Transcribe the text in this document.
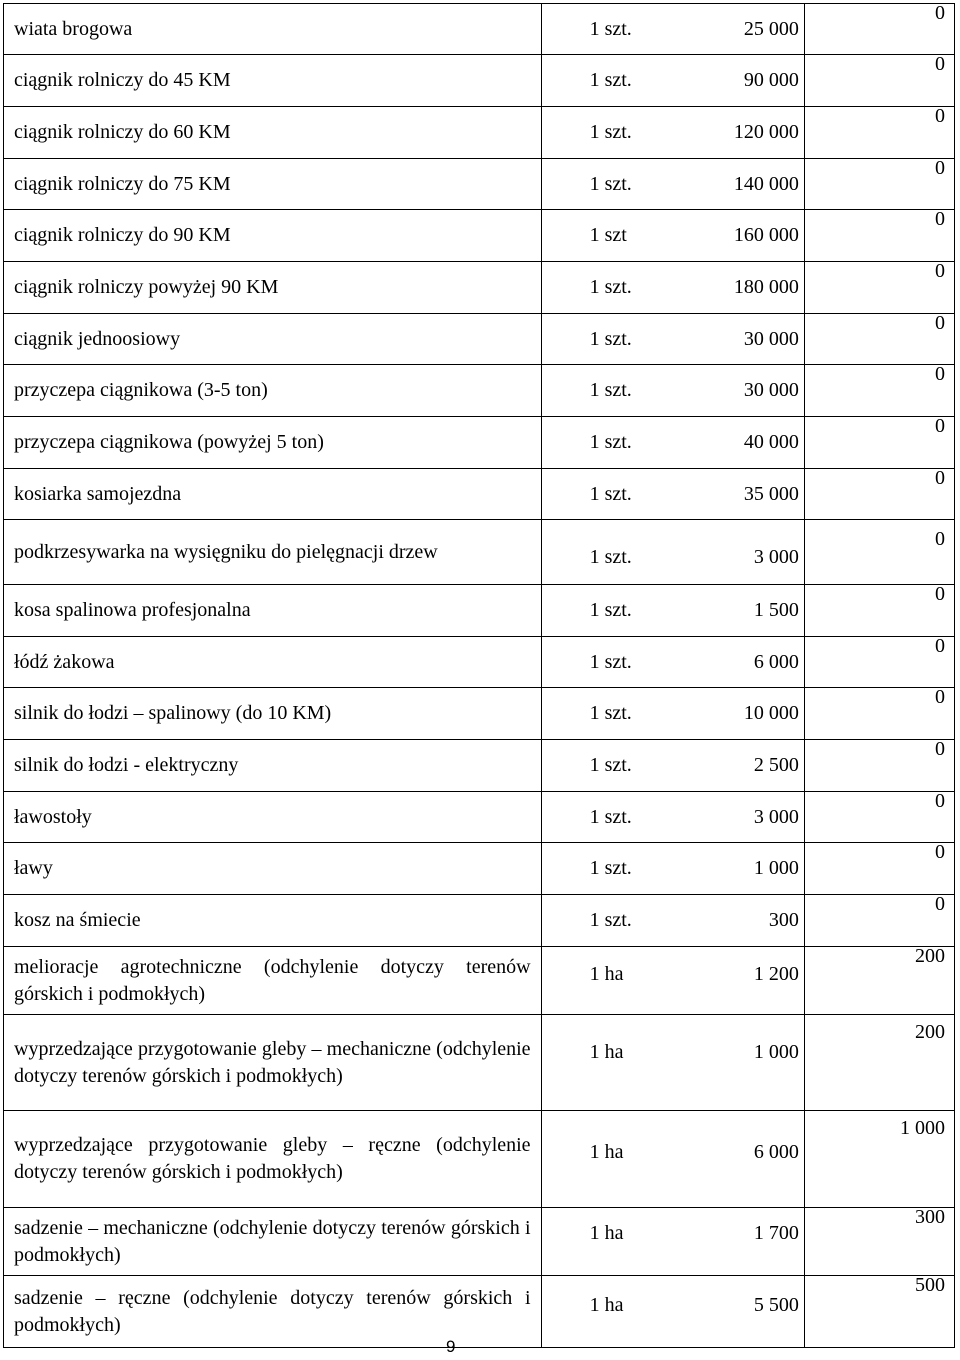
wiata brogowa	1 szt. 25 000	0

ciągnik rolniczy do 45 KM	1 szt. 90 000	0

ciągnik rolniczy do 60 KM	1 szt. 120 000	0

ciągnik rolniczy do 75 KM	1 szt. 140 000	0

ciągnik rolniczy do 90 KM	1 szt 160 000	0

ciągnik rolniczy powyżej 90 KM	1 szt. 180 000	0

ciągnik jednoosiowy	1 szt. 30 000	0

przyczepa ciągnikowa (3-5 ton)	1 szt. 30 000	0

przyczepa ciągnikowa (powyżej 5 ton)	1 szt. 40 000	0

kosiarka samojezdna	1 szt. 35 000	0

podkrzesywarka na wysięgniku do pielęgnacji drzew	1 szt. 3 000	0

kosa spalinowa profesjonalna	1 szt. 1 500	0

łódź żakowa	1 szt. 6 000	0

silnik do łodzi – spalinowy (do 10 KM)	1 szt. 10 000	0

silnik do łodzi - elektryczny	1 szt. 2 500	0

ławostoły	1 szt. 3 000	0

ławy	1 szt. 1 000	0

kosz na śmiecie	1 szt. 300	0

melioracje agrotechniczne (odchylenie dotyczy terenów górskich i podmokłych)	1 ha 1 200	200

wyprzedzające przygotowanie gleby – mechaniczne (odchylenie dotyczy terenów górskich i podmokłych)	1 ha 1 000	200

wyprzedzające przygotowanie gleby – ręczne (odchylenie dotyczy terenów górskich i podmokłych)	1 ha 6 000	1 000

sadzenie – mechaniczne (odchylenie dotyczy terenów górskich i podmokłych)	1 ha 1 700	300

sadzenie – ręczne (odchylenie dotyczy terenów górskich i podmokłych)	1 ha 5 500	500
9
